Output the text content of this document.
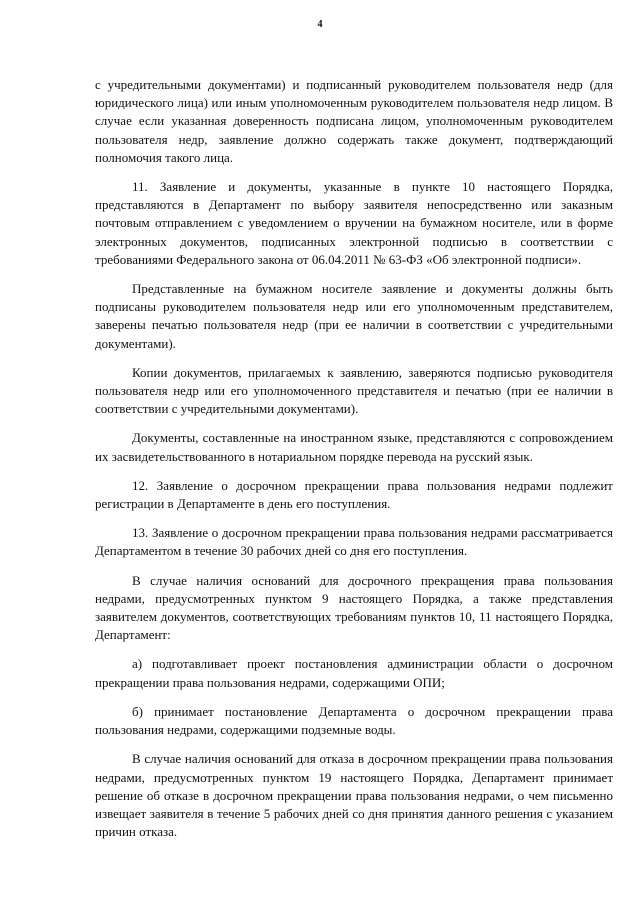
4

с учредительными документами) и подписанный руководителем пользователя недр (для юридического лица) или иным уполномоченным руководителем пользователя недр лицом. В случае если указанная доверенность подписана лицом, уполномоченным руководителем пользователя недр, заявление должно содержать также документ, подтверждающий полномочия такого лица.

11. Заявление и документы, указанные в пункте 10 настоящего Порядка, представляются в Департамент по выбору заявителя непосредственно или заказным почтовым отправлением с уведомлением о вручении на бумажном носителе, или в форме электронных документов, подписанных электронной подписью в соответствии с требованиями Федерального закона от 06.04.2011 № 63-ФЗ «Об электронной подписи».

Представленные на бумажном носителе заявление и документы должны быть подписаны руководителем пользователя недр или его уполномоченным представителем, заверены печатью пользователя недр (при ее наличии в соответствии с учредительными документами).

Копии документов, прилагаемых к заявлению, заверяются подписью руководителя пользователя недр или его уполномоченного представителя и печатью (при ее наличии в соответствии с учредительными документами).

Документы, составленные на иностранном языке, представляются с сопровождением их засвидетельствованного в нотариальном порядке перевода на русский язык.

12. Заявление о досрочном прекращении права пользования недрами подлежит регистрации в Департаменте в день его поступления.

13. Заявление о досрочном прекращении права пользования недрами рассматривается Департаментом в течение 30 рабочих дней со дня его поступления.

В случае наличия оснований для досрочного прекращения права пользования недрами, предусмотренных пунктом 9 настоящего Порядка, а также представления заявителем документов, соответствующих требованиям пунктов 10, 11 настоящего Порядка, Департамент:

а) подготавливает проект постановления администрации области о досрочном прекращении права пользования недрами, содержащими ОПИ;

б) принимает постановление Департамента о досрочном прекращении права пользования недрами, содержащими подземные воды.

В случае наличия оснований для отказа в досрочном прекращении права пользования недрами, предусмотренных пунктом 19 настоящего Порядка, Департамент принимает решение об отказе в досрочном прекращении права пользования недрами, о чем письменно извещает заявителя в течение 5 рабочих дней со дня принятия данного решения с указанием причин отказа.
